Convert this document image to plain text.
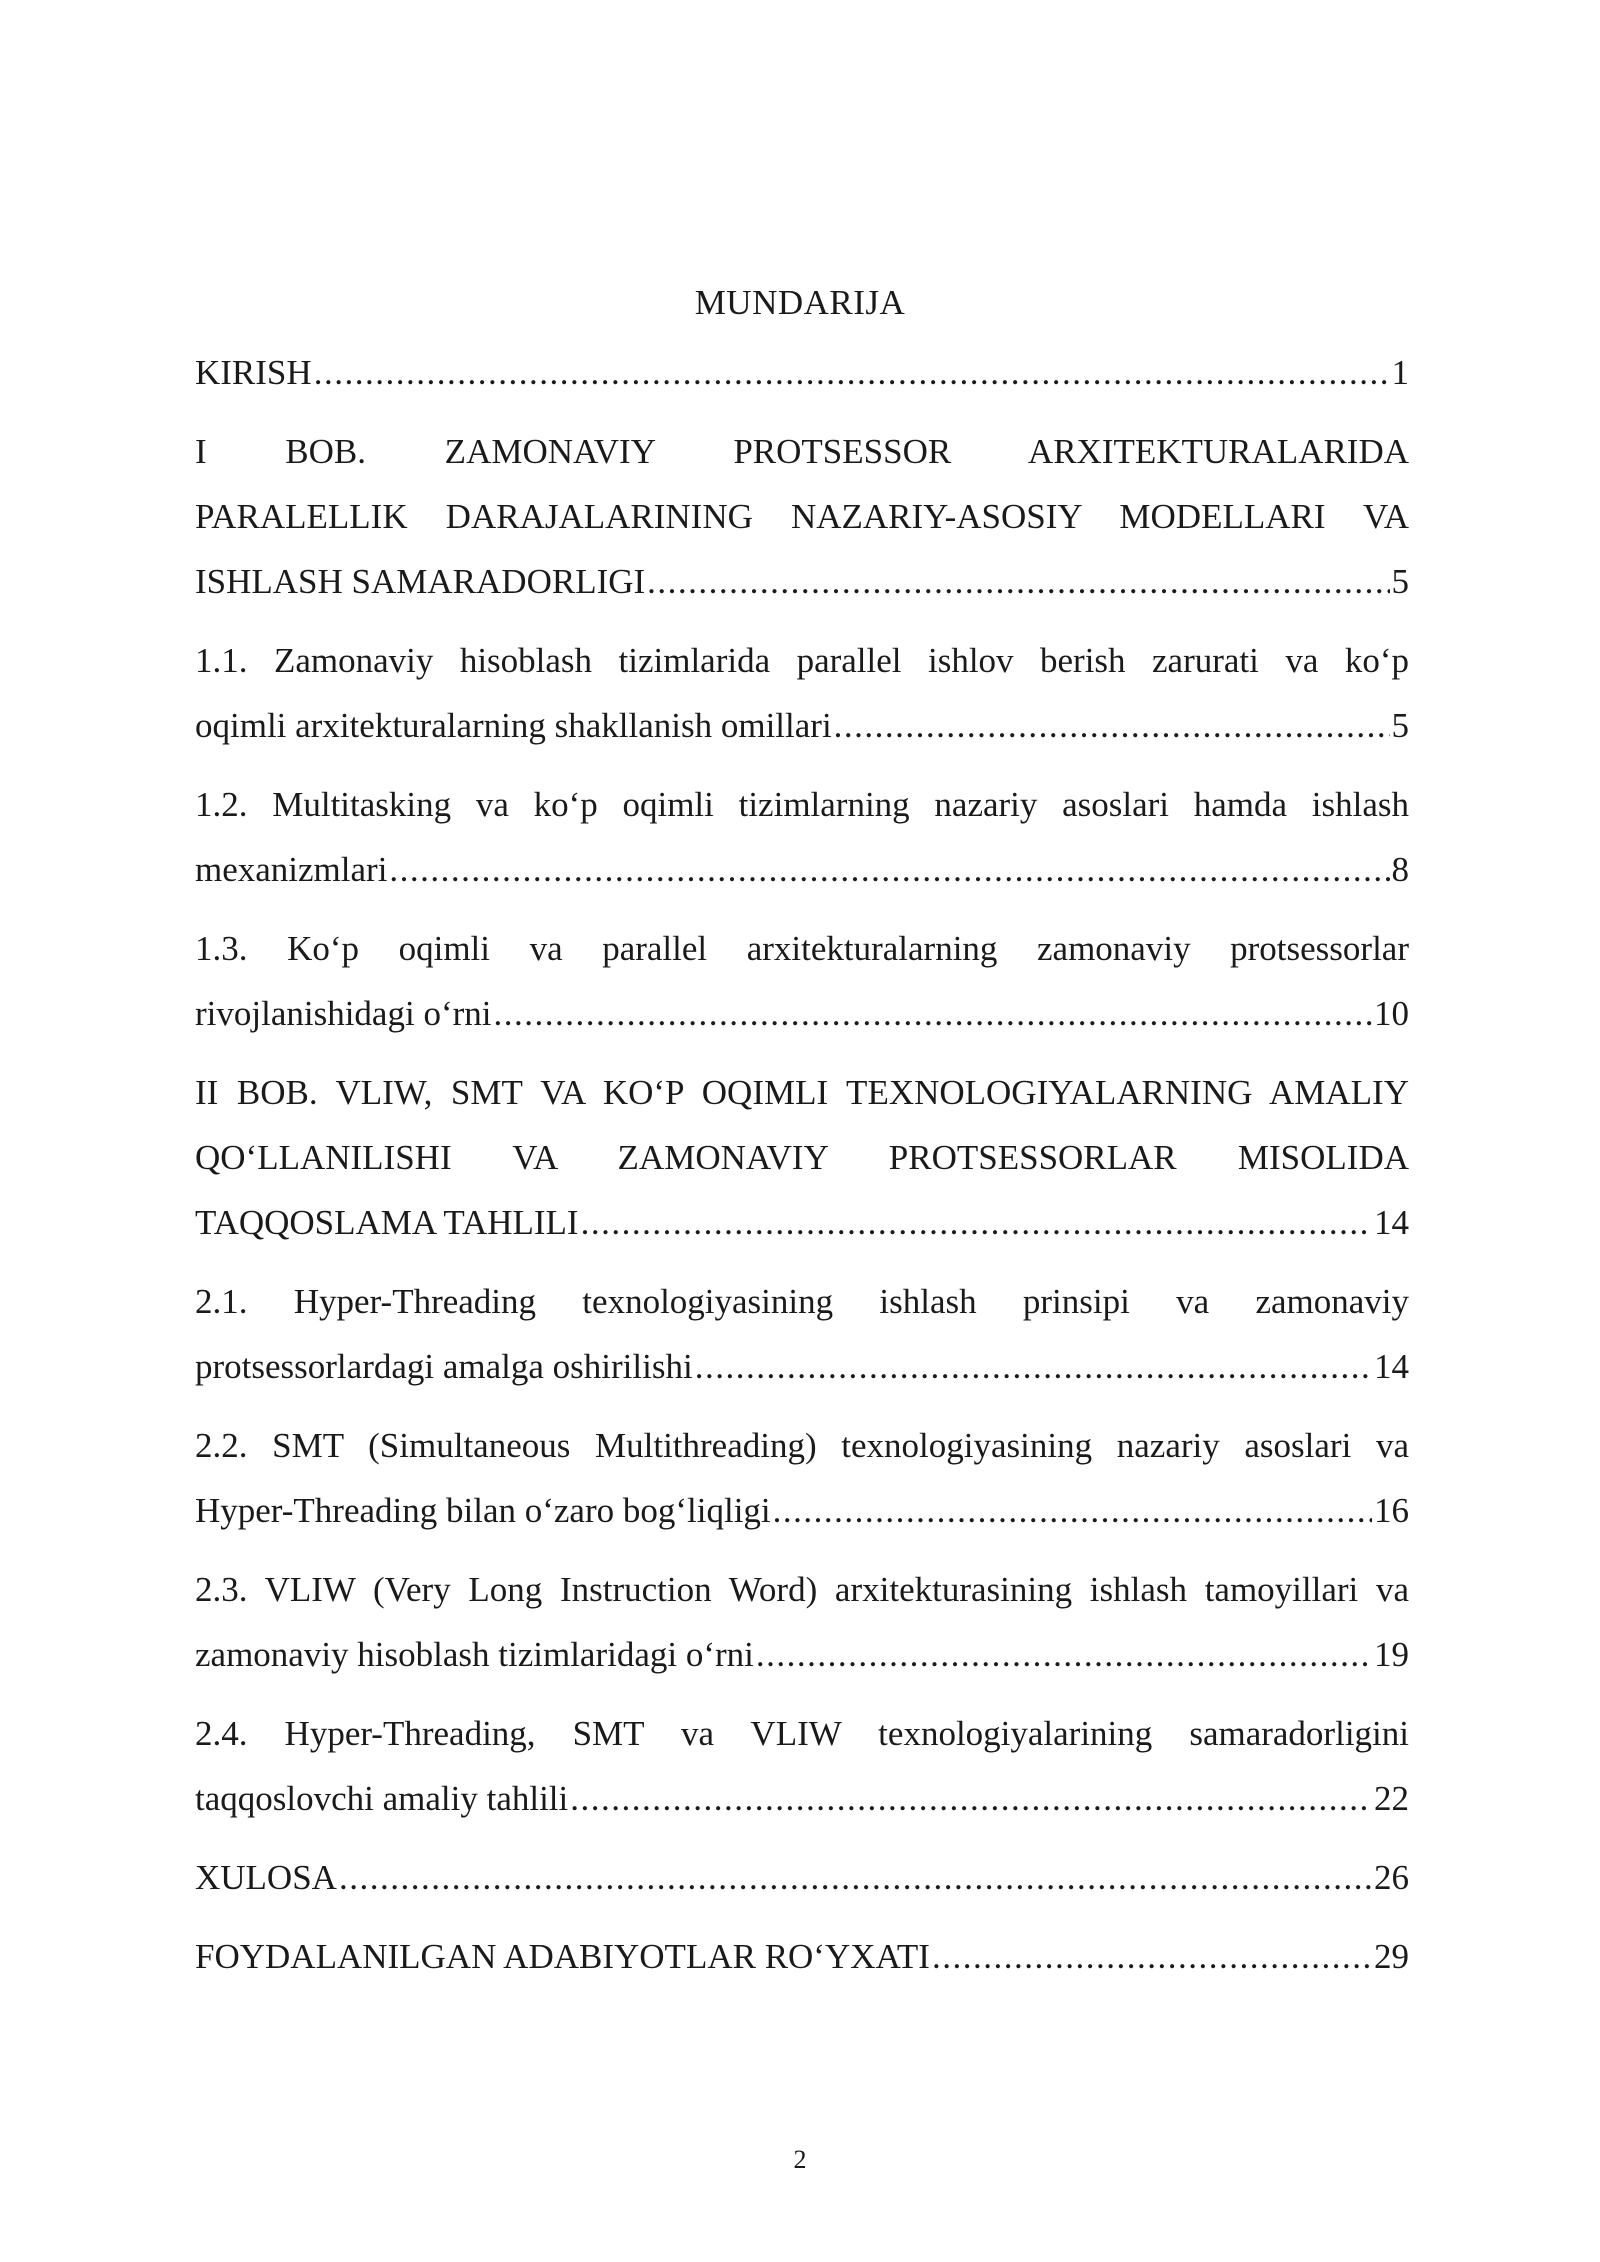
MUNDARIJA
KIRISH .....	1
I BOB. ZAMONAVIY PROTSESSOR ARXITEKTURALARIDA
PARALELLIK DARAJALARINING NAZARIY-ASOSIY MODELLARI VA
ISHLASH SAMARADORLIGI .....	5
1.1. Zamonaviy hisoblash tizimlarida parallel ishlov berish zarurati va ko‘p
oqimli arxitekturalarning shakllanish omillari .....	5
1.2. Multitasking va ko‘p oqimli tizimlarning nazariy asoslari hamda ishlash
mexanizmlari .....	8
1.3. Ko‘p oqimli va parallel arxitekturalarning zamonaviy protsessorlar
rivojlanishidagi o‘rni .....	10
II BOB. VLIW, SMT VA KO‘P OQIMLI TEXNOLOGIYALARNING AMALIY
QO‘LLANILISHI VA ZAMONAVIY PROTSESSORLAR MISOLIDA
TAQQOSLAMA TAHLILI .....	14
2.1. Hyper-Threading texnologiyasining ishlash prinsipi va zamonaviy
protsessorlardagi amalga oshirilishi .....	14
2.2. SMT (Simultaneous Multithreading) texnologiyasining nazariy asoslari va
Hyper-Threading bilan o‘zaro bog‘liqligi .....	16
2.3. VLIW (Very Long Instruction Word) arxitekturasining ishlash tamoyillari va
zamonaviy hisoblash tizimlaridagi o‘rni .....	19
2.4. Hyper-Threading, SMT va VLIW texnologiyalarining samaradorligini
taqqoslovchi amaliy tahlili .....	22
XULOSA .....	26
FOYDALANILGAN ADABIYOTLAR RO‘YXATI .....	29
2
